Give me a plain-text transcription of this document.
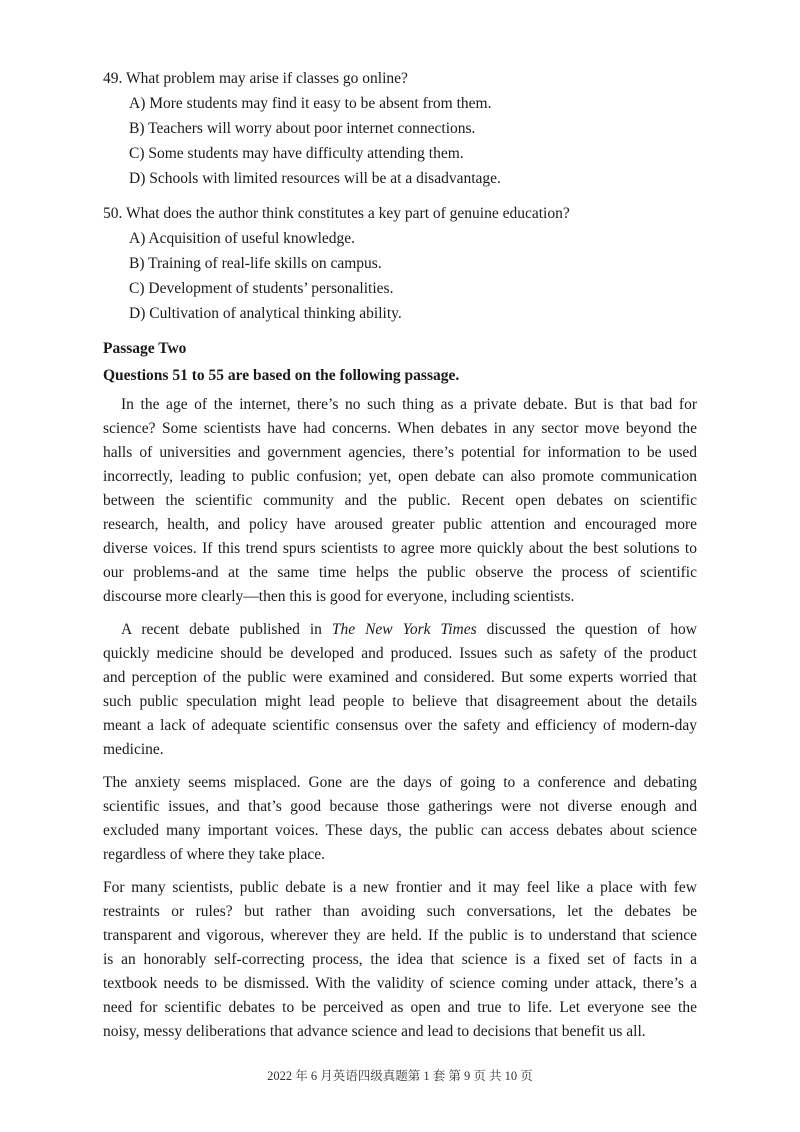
49. What problem may arise if classes go online?
A) More students may find it easy to be absent from them.
B) Teachers will worry about poor internet connections.
C) Some students may have difficulty attending them.
D) Schools with limited resources will be at a disadvantage.
50. What does the author think constitutes a key part of genuine education?
A) Acquisition of useful knowledge.
B) Training of real-life skills on campus.
C) Development of students’ personalities.
D) Cultivation of analytical thinking ability.
Passage Two
Questions 51 to 55 are based on the following passage.
In the age of the internet, there’s no such thing as a private debate. But is that bad for
science? Some scientists have had concerns. When debates in any sector move beyond the
halls of universities and government agencies, there’s potential for information to be used
incorrectly, leading to public confusion; yet, open debate can also promote communication
between the scientific community and the public. Recent open debates on scientific
research, health, and policy have aroused greater public attention and encouraged more
diverse voices. If this trend spurs scientists to agree more quickly about the best solutions to
our problems-and at the same time helps the public observe the process of scientific
discourse more clearly—then this is good for everyone, including scientists.
A recent debate published in The New York Times discussed the question of how
quickly medicine should be developed and produced. Issues such as safety of the product
and perception of the public were examined and considered. But some experts worried that
such public speculation might lead people to believe that disagreement about the details
meant a lack of adequate scientific consensus over the safety and efficiency of modern-day
medicine.
The anxiety seems misplaced. Gone are the days of going to a conference and debating
scientific issues, and that’s good because those gatherings were not diverse enough and
excluded many important voices. These days, the public can access debates about science
regardless of where they take place.
For many scientists, public debate is a new frontier and it may feel like a place with few
restraints or rules? but rather than avoiding such conversations, let the debates be
transparent and vigorous, wherever they are held. If the public is to understand that science
is an honorably self-correcting process, the idea that science is a fixed set of facts in a
textbook needs to be dismissed. With the validity of science coming under attack, there’s a
need for scientific debates to be perceived as open and true to life. Let everyone see the
noisy, messy deliberations that advance science and lead to decisions that benefit us all.
2022 年 6 月英语四级真题第 1 套 第 9 页 共 10 页
